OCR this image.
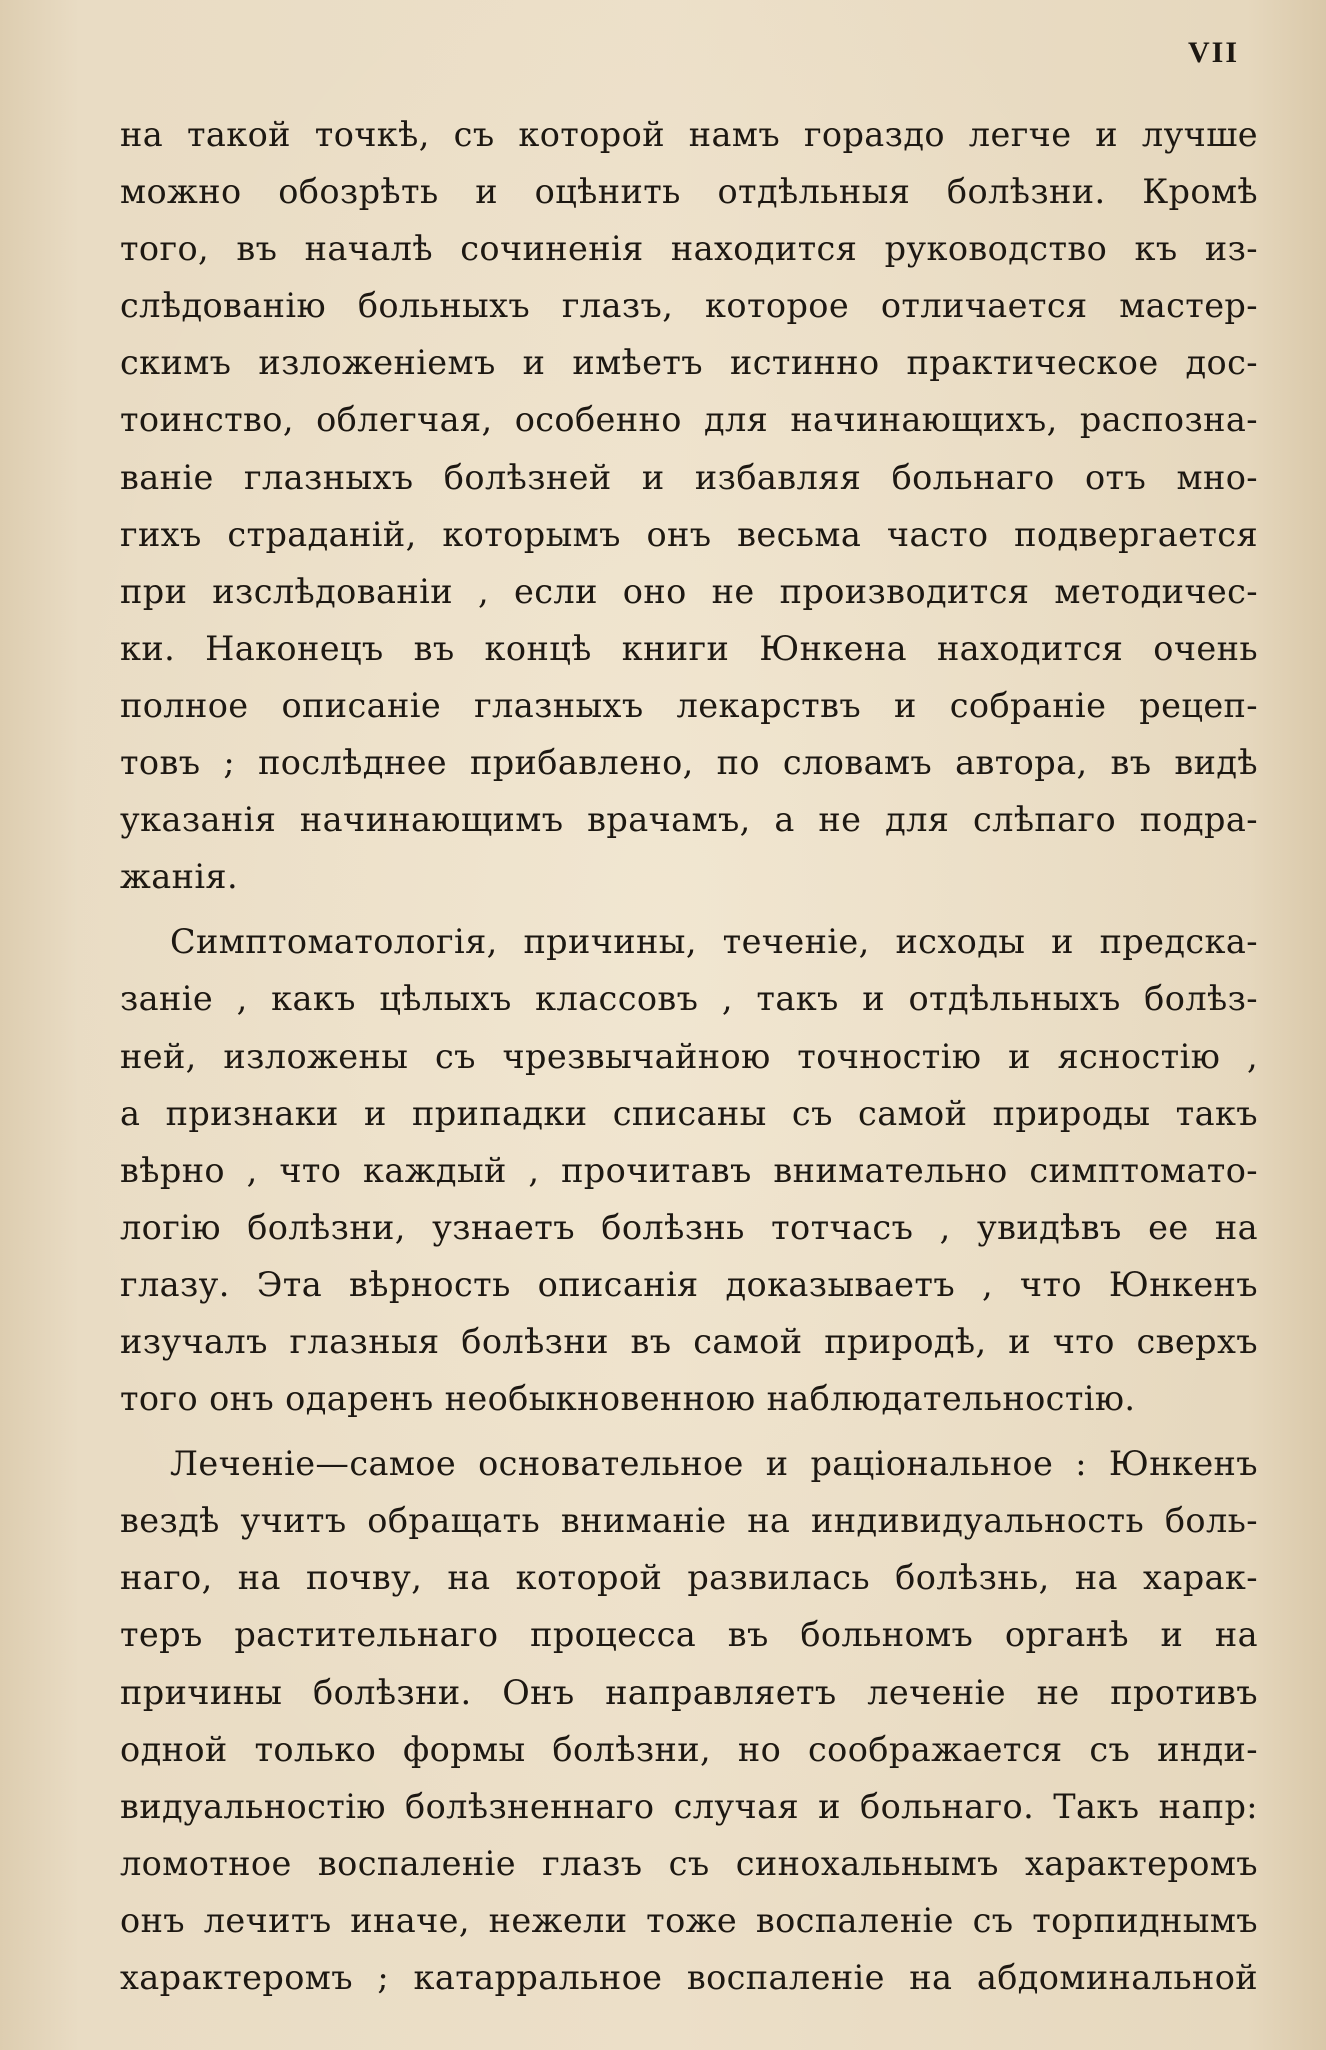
VII
на такой точкѣ, съ которой намъ гораздо легче и лучше
можно обозрѣть и оцѣнить отдѣльныя болѣзни. Кромѣ
того, въ началѣ сочиненія находится руководство къ из-
слѣдованію больныхъ глазъ, которое отличается мастер-
скимъ изложеніемъ и имѣетъ истинно практическое дос-
тоинство, облегчая, особенно для начинающихъ, распозна-
ваніе глазныхъ болѣзней и избавляя больнаго отъ мно-
гихъ страданій, которымъ онъ весьма часто подвергается
при изслѣдованіи , если оно не производится методичес-
ки. Наконецъ въ концѣ книги Юнкена находится очень
полное описаніе глазныхъ лекарствъ и собраніе рецеп-
товъ ; послѣднее прибавлено, по словамъ автора, въ видѣ
указанія начинающимъ врачамъ, а не для слѣпаго подра-
жанія.
Симптоматологія, причины, теченіе, исходы и предска-
заніе , какъ цѣлыхъ классовъ , такъ и отдѣльныхъ болѣз-
ней, изложены съ чрезвычайною точностію и ясностію ,
а признаки и припадки списаны съ самой природы такъ
вѣрно , что каждый , прочитавъ внимательно симптомато-
логію болѣзни, узнаетъ болѣзнь тотчасъ , увидѣвъ ее на
глазу. Эта вѣрность описанія доказываетъ , что Юнкенъ
изучалъ глазныя болѣзни въ самой природѣ, и что сверхъ
того онъ одаренъ необыкновенною наблюдательностію.
Леченіе—самое основательное и раціональное : Юнкенъ
вездѣ учитъ обращать вниманіе на индивидуальность боль-
наго, на почву, на которой развилась болѣзнь, на харак-
теръ растительнаго процесса въ больномъ органѣ и на
причины болѣзни. Онъ направляетъ леченіе не противъ
одной только формы болѣзни, но соображается съ инди-
видуальностію болѣзненнаго случая и больнаго. Такъ напр:
ломотное воспаленіе глазъ съ синохальнымъ характеромъ
онъ лечитъ иначе, нежели тоже воспаленіе съ торпиднымъ
характеромъ ; катарральное воспаленіе на абдоминальной
